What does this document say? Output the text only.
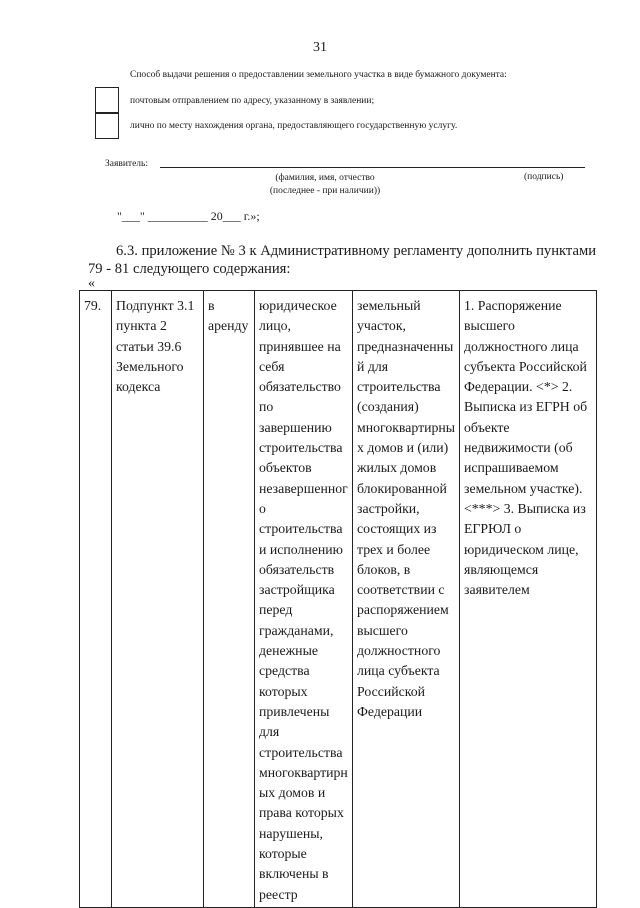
31
Способ выдачи решения о предоставлении земельного участка в виде бумажного документа:
почтовым отправлением по адресу, указанному в заявлении;
лично по месту нахождения органа, предоставляющего государственную услугу.
Заявитель:
(фамилия, имя, отчество
(последнее - при наличии))
(подпись)
"___" __________ 20___ г.»;
6.3. приложение № 3 к Административному регламенту дополнить пунктами 79 - 81 следующего содержания:
«
79.	Подпункт 3.1 пункта 2 статьи 39.6 Земельного кодекса	в аренду	юридическое лицо, принявшее на себя обязательство по завершению строительства объектов незавершенного строительства и исполнению обязательств застройщика перед гражданами, денежные средства которых привлечены для строительства многоквартирных домов и права которых нарушены, которые включены в реестр	земельный участок, предназначенный для строительства (создания) многоквартирных домов и (или) жилых домов блокированной застройки, состоящих из трех и более блоков, в соответствии с распоряжением высшего должностного лица субъекта Российской Федерации	1. Распоряжение высшего должностного лица субъекта Российской Федерации. <*> 2. Выписка из ЕГРН об объекте недвижимости (об испрашиваемом земельном участке). <***> 3. Выписка из ЕГРЮЛ о юридическом лице, являющемся заявителем
